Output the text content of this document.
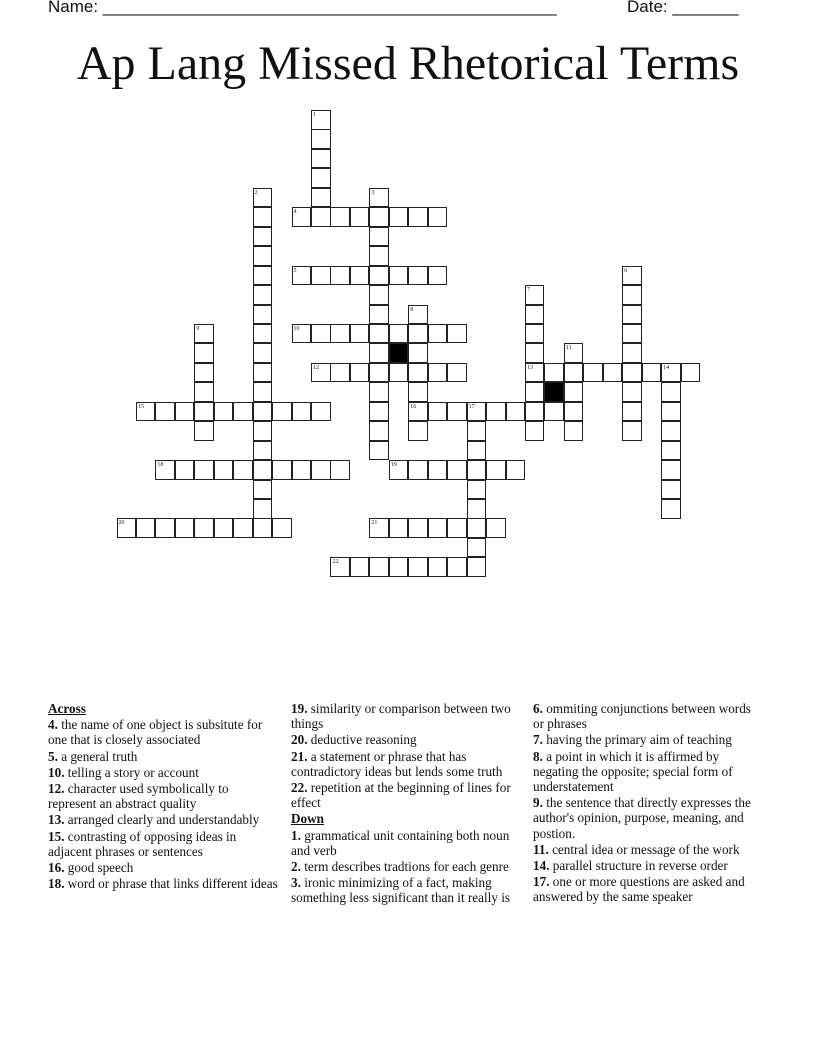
Name: ________________________________________________	Date: _______
Ap Lang Missed Rhetorical Terms
1
2	3
4
5	6
7
8
9	10
11
12	13	14
15	16	17
18	19
20	21
22
Across
4. the name of one object is subsitute for one that is closely associated
5. a general truth
10. telling a story or account
12. character used symbolically to represent an abstract quality
13. arranged clearly and understandably
15. contrasting of opposing ideas in adjacent phrases or sentences
16. good speech
18. word or phrase that links different ideas
19. similarity or comparison between two things
20. deductive reasoning
21. a statement or phrase that has contradictory ideas but lends some truth
22. repetition at the beginning of lines for effect
Down
1. grammatical unit containing both noun and verb
2. term describes tradtions for each genre
3. ironic minimizing of a fact, making something less significant than it really is
6. ommiting conjunctions between words or phrases
7. having the primary aim of teaching
8. a point in which it is affirmed by negating the opposite; special form of understatement
9. the sentence that directly expresses the author's opinion, purpose, meaning, and postion.
11. central idea or message of the work
14. parallel structure in reverse order
17. one or more questions are asked and answered by the same speaker
